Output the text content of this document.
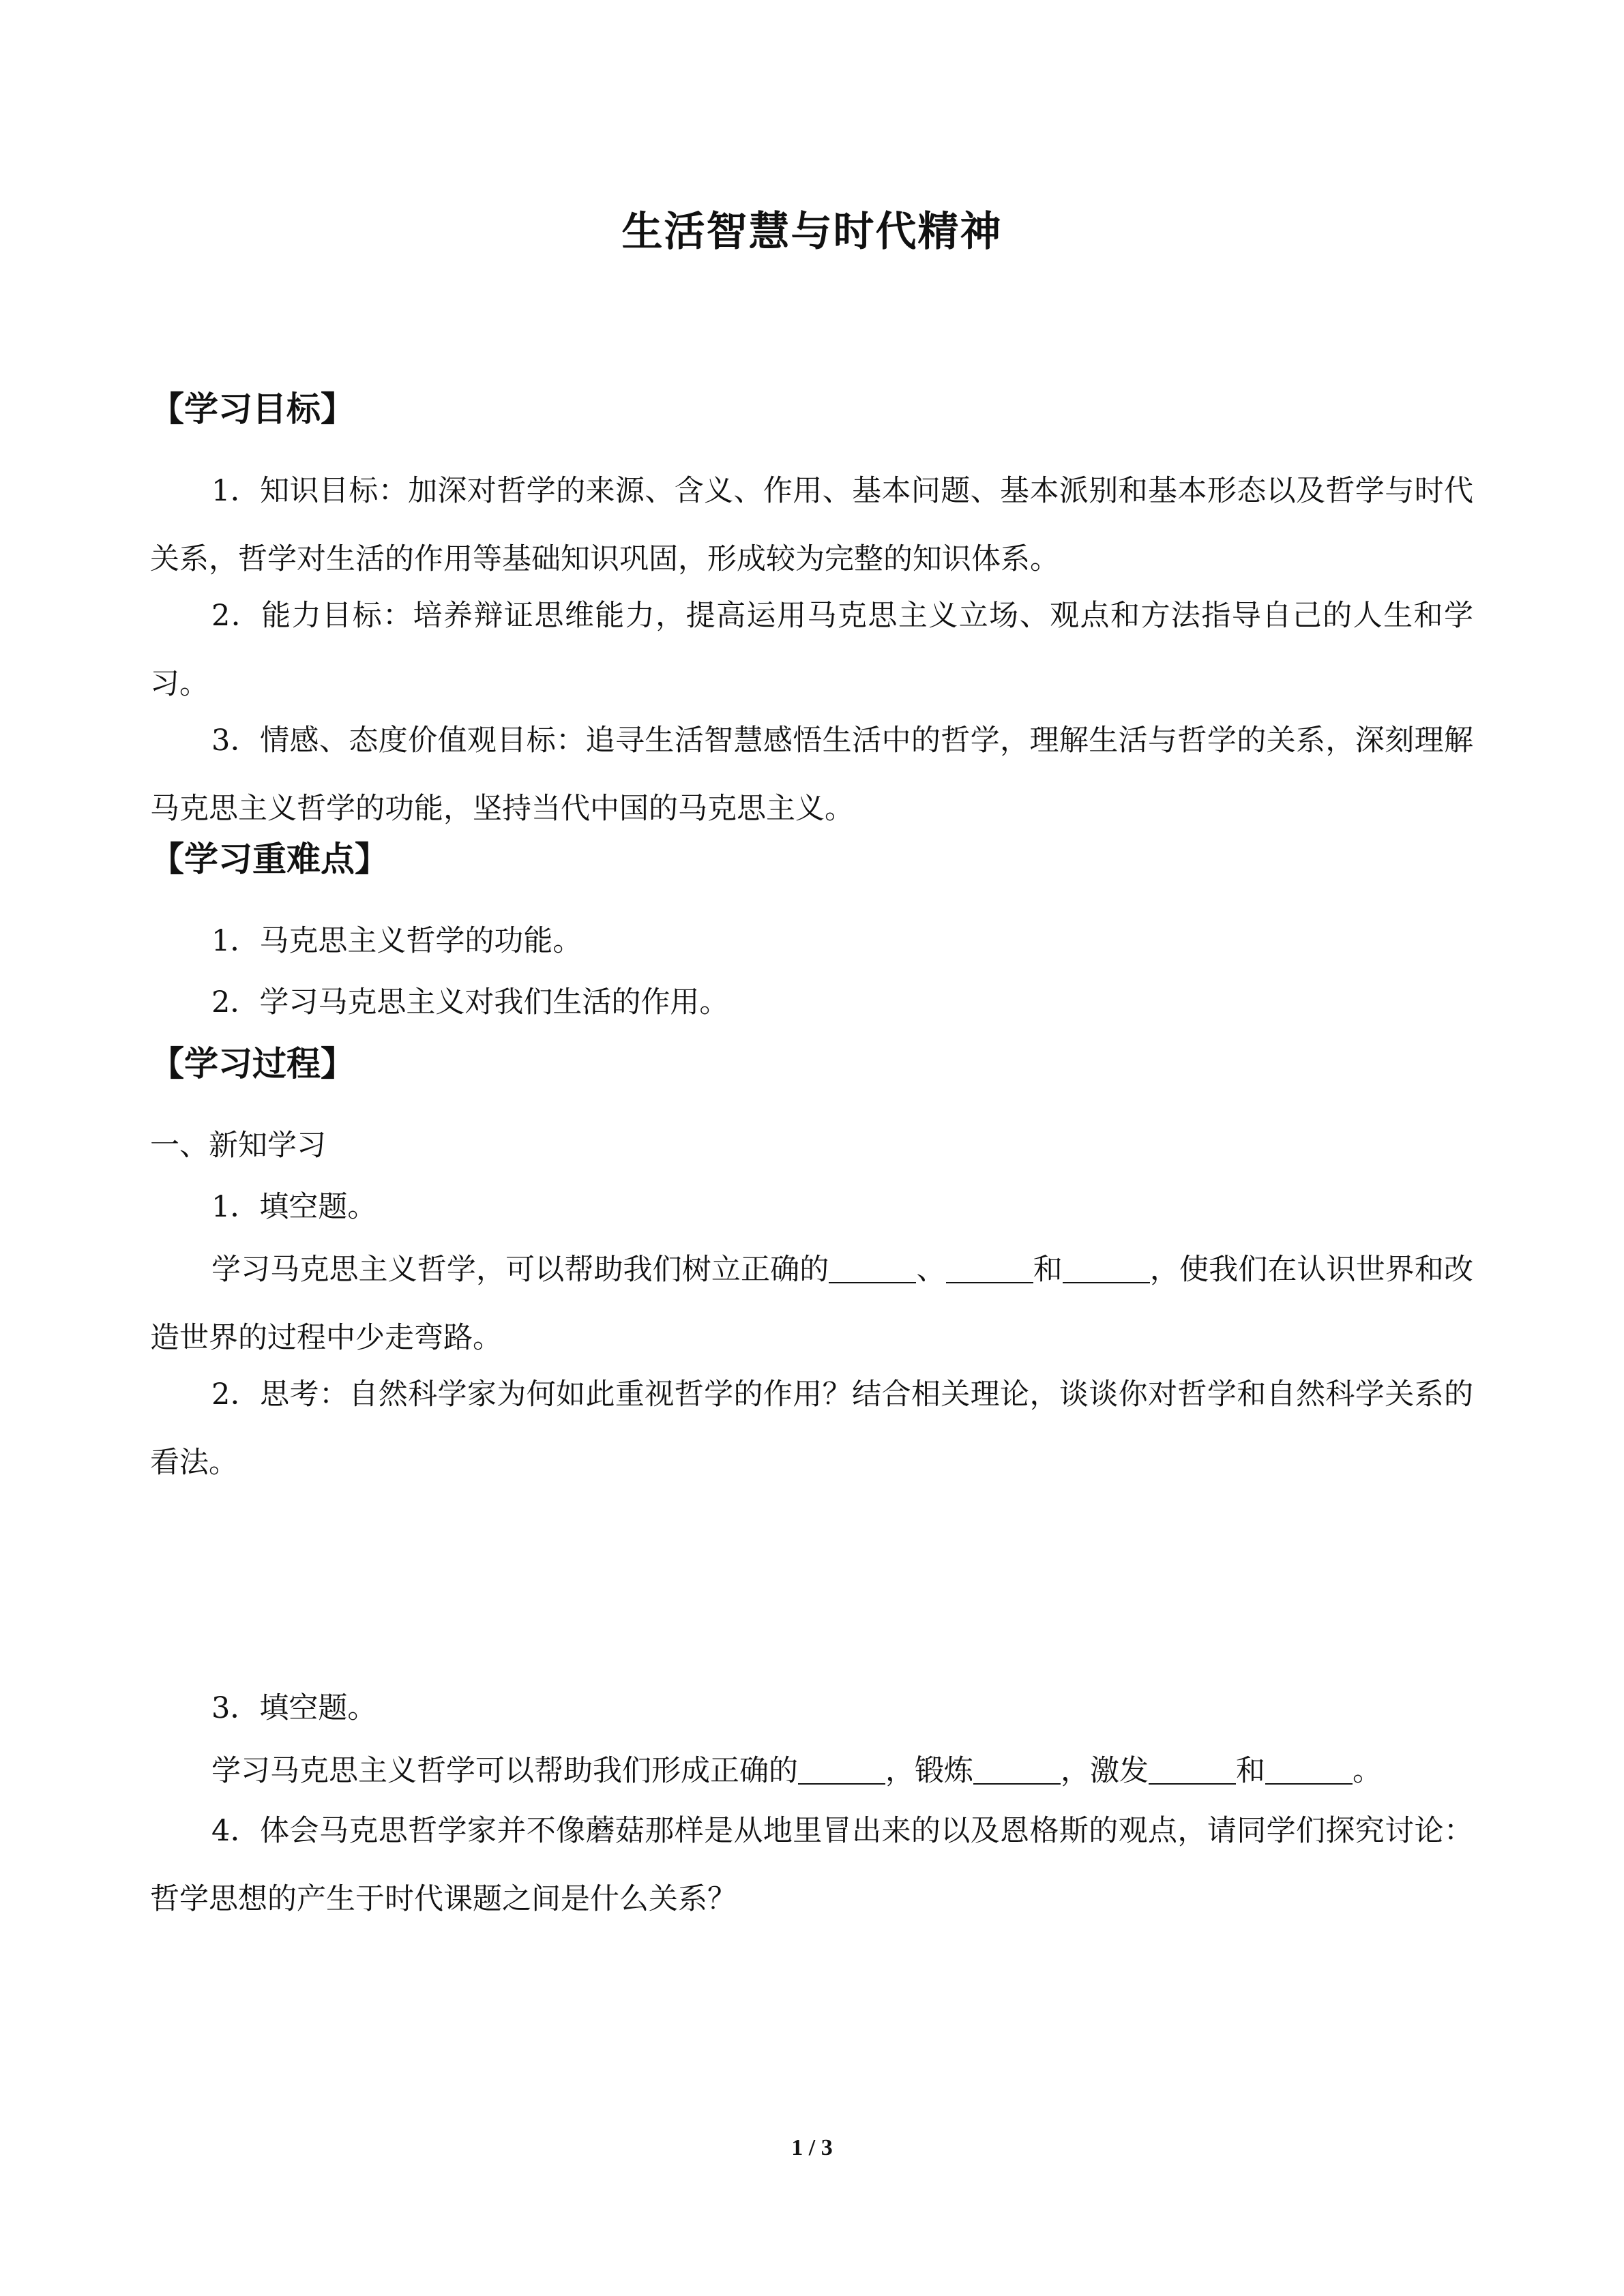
生活智慧与时代精神
【学习目标】
1．知识目标：加深对哲学的来源、含义、作用、基本问题、基本派别和基本形态以及哲学与时代关系，哲学对生活的作用等基础知识巩固，形成较为完整的知识体系。
2．能力目标：培养辩证思维能力，提高运用马克思主义立场、观点和方法指导自己的人生和学习。
3．情感、态度价值观目标：追寻生活智慧感悟生活中的哲学，理解生活与哲学的关系，深刻理解马克思主义哲学的功能，坚持当代中国的马克思主义。
【学习重难点】
1．马克思主义哲学的功能。
2．学习马克思主义对我们生活的作用。
【学习过程】
一、新知学习
1．填空题。
学习马克思主义哲学，可以帮助我们树立正确的	、	和	，使我们在认识世界和改造世界的过程中少走弯路。
2．思考：自然科学家为何如此重视哲学的作用？结合相关理论，谈谈你对哲学和自然科学关系的看法。
3．填空题。
学习马克思主义哲学可以帮助我们形成正确的	，锻炼	，激发	和	。
4．体会马克思哲学家并不像蘑菇那样是从地里冒出来的以及恩格斯的观点，请同学们探究讨论：哲学思想的产生于时代课题之间是什么关系？
1 / 3
